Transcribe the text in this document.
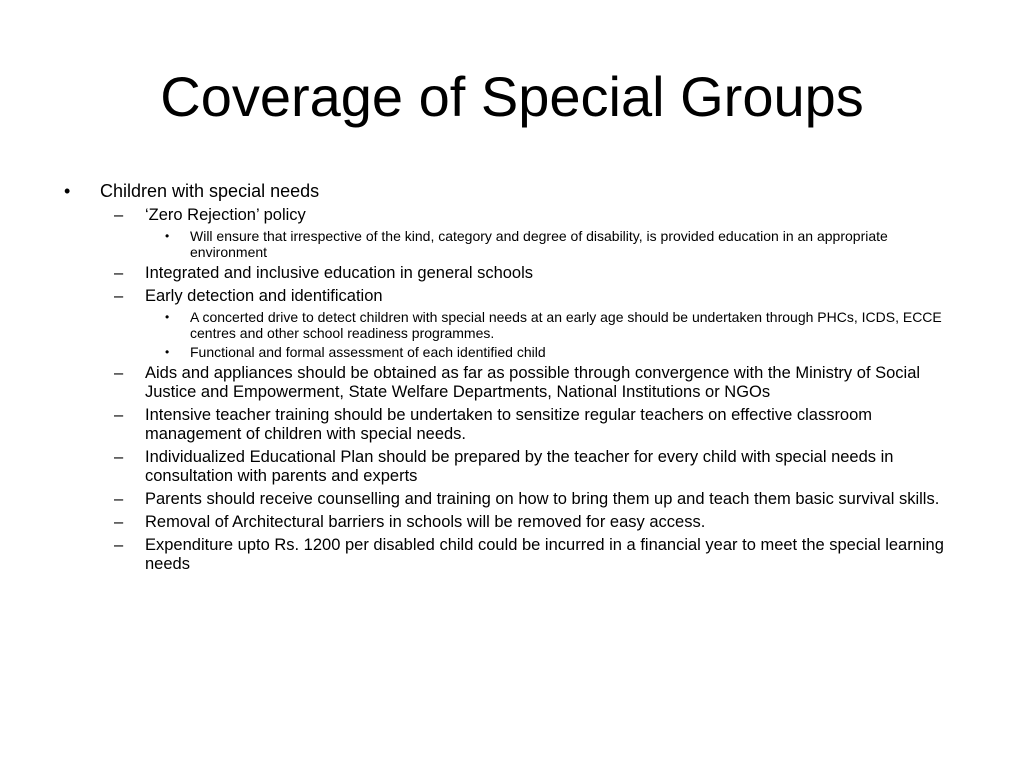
Coverage of Special Groups
• Children with special needs
– ‘Zero Rejection’ policy
• Will ensure that irrespective of the kind, category and degree of disability, is provided education in an appropriate environment
– Integrated and inclusive education in general schools
– Early detection and identification
• A concerted drive to detect children with special needs at an early age should be undertaken through PHCs, ICDS, ECCE centres and other school readiness programmes.
• Functional and formal assessment of each identified child
– Aids and appliances should be obtained as far as possible through convergence with the Ministry of Social Justice and Empowerment, State Welfare Departments, National Institutions or NGOs
– Intensive teacher training should be undertaken to sensitize regular teachers on effective classroom management of children with special needs.
– Individualized Educational Plan should be prepared by the teacher for every child with special needs in consultation with parents and experts
– Parents should receive counselling and training on how to bring them up and teach them basic survival skills.
– Removal of Architectural barriers in schools will be removed for easy access.
– Expenditure upto Rs. 1200 per disabled child could be incurred in a financial year to meet the special learning needs
